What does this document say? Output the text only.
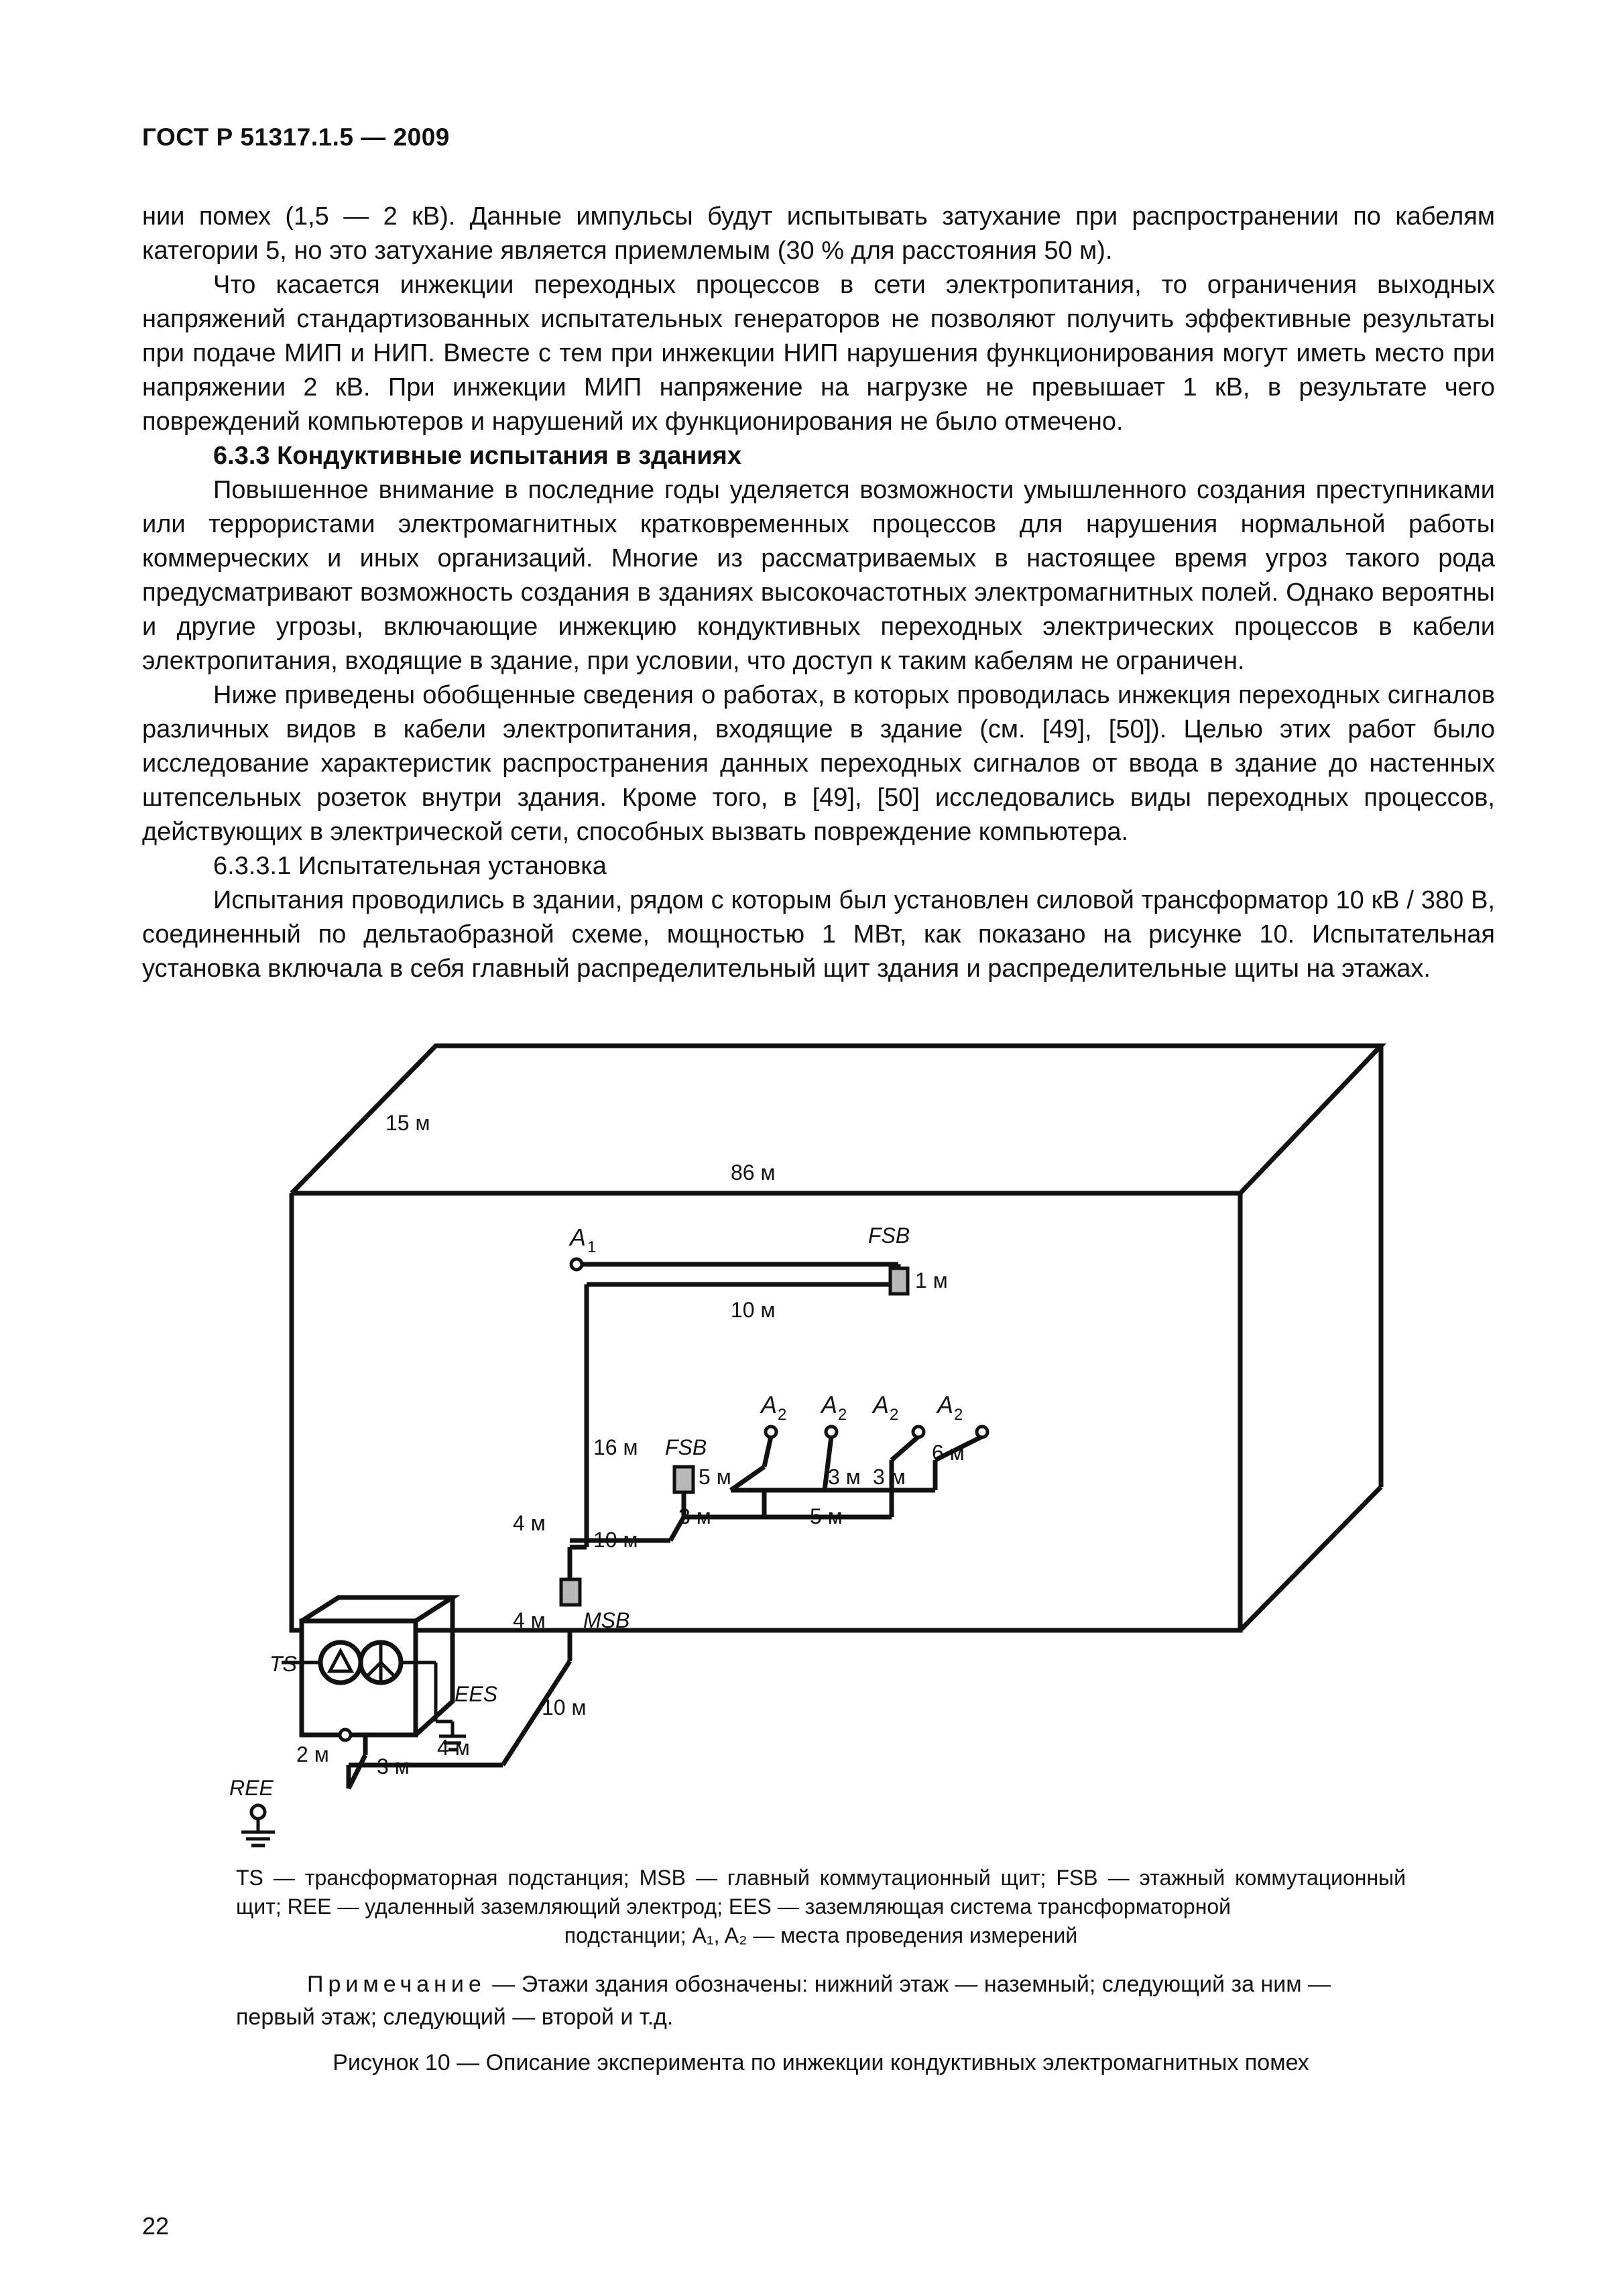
ГОСТ Р 51317.1.5 — 2009

нии помех (1,5 — 2 кВ). Данные импульсы будут испытывать затухание при распространении по кабелям категории 5, но это затухание является приемлемым (30 % для расстояния 50 м).

Что касается инжекции переходных процессов в сети электропитания, то ограничения выходных напряжений стандартизованных испытательных генераторов не позволяют получить эффективные результаты при подаче МИП и НИП. Вместе с тем при инжекции НИП нарушения функционирования могут иметь место при напряжении 2 кВ. При инжекции МИП напряжение на нагрузке не превышает 1 кВ, в результате чего повреждений компьютеров и нарушений их функционирования не было отмечено.

6.3.3 Кондуктивные испытания в зданиях

Повышенное внимание в последние годы уделяется возможности умышленного создания преступниками или террористами электромагнитных кратковременных процессов для нарушения нормальной работы коммерческих и иных организаций. Многие из рассматриваемых в настоящее время угроз такого рода предусматривают возможность создания в зданиях высокочастотных электромагнитных полей. Однако вероятны и другие угрозы, включающие инжекцию кондуктивных переходных электрических процессов в кабели электропитания, входящие в здание, при условии, что доступ к таким кабелям не ограничен.

Ниже приведены обобщенные сведения о работах, в которых проводилась инжекция переходных сигналов различных видов в кабели электропитания, входящие в здание (см. [49], [50]). Целью этих работ было исследование характеристик распространения данных переходных сигналов от ввода в здание до настенных штепсельных розеток внутри здания. Кроме того, в [49], [50] исследовались виды переходных процессов, действующих в электрической сети, способных вызвать повреждение компьютера.

6.3.3.1 Испытательная установка

Испытания проводились в здании, рядом с которым был установлен силовой трансформатор 10 кВ / 380 В, соединенный по дельтаобразной схеме, мощностью 1 МВт, как показано на рисунке 10. Испытательная установка включала в себя главный распределительный щит здания и распределительные щиты на этажах.

15 м
86 м
A 1	FSB
1 м
10 м
A 2 A 2 A 2 A 2
16 м FSB
5 м	3 м 3 м
6 м
3 м	5 м
4 м
10 м
4 м MSB
TS
EES
10 м
2 м 3 м
4 м
REE
TS — трансформаторная подстанция; MSB — главный коммутационный щит; FSB — этажный коммутационный щит; REE — удаленный заземляющий электрод; EES — заземляющая система трансформаторной
подстанции; A₁, A₂ — места проведения измерений

Примечание — Этажи здания обозначены: нижний этаж — наземный; следующий за ним — первый этаж; следующий — второй и т.д.

Рисунок 10 — Описание эксперимента по инжекции кондуктивных электромагнитных помех
22
